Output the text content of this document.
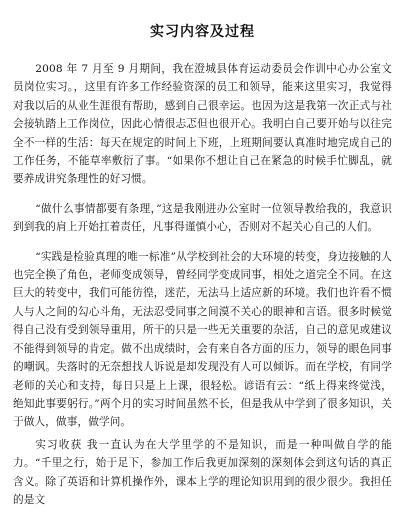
实习内容及过程

2008 年 7 月至 9 月期间，我在澄城县体育运动委员会作训中心办公室文员岗位实习。，这里有许多工作经验资深的员工和领导，能来这里实习，我觉得对我以后的从业生涯很有帮助，感到自己很幸运。也因为这是我第一次正式与社会接轨踏上工作岗位，因此心情很忐忑但也很开心。我明白自己要开始与以往完全不一样的生活：每天在规定的时间上下班，上班期间要认真准时地完成自己的工作任务，不能草率敷衍了事。“如果你不想让自己在紧急的时候手忙脚乱，就要养成讲究条理性的好习惯。

“做什么事情都要有条理，”这是我刚进办公室时一位领导教给我的，我意识到到我的肩上开始扛着责任，凡事得谨慎小心，否则对不起关心自己的人们。

“实践是检验真理的唯一标准”从学校到社会的大环境的转变，身边接触的人也完全换了角色，老师变成领导，曾经同学变成同事，相处之道完全不同。在这巨大的转变中，我们可能彷徨，迷茫，无法马上适应新的环境。我们也许看不惯人与人之间的勾心斗角，无法忍受同事之间漠不关心的眼神和言语。很多时候觉得自己没有受到领导重用，所干的只是一些无关重要的杂活，自己的意见或建议不能得到领导的肯定。做不出成绩时，会有来自各方面的压力，领导的眼色同事的嘲讽。失落时的无奈想找人诉说是却发现没有人可以倾诉。而在学校，有同学老师的关心和支持，每日只是上上课，很轻松。谚语有云：“纸上得来终觉浅，绝知此事要躬行。”两个月的实习时间虽然不长，但是我从中学到了很多知识，关于做人，做事，做学问。

实习收获 我一直认为在大学里学的不是知识，而是一种叫做自学的能力。“千里之行，始于足下，参加工作后我更加深刻的深刻体会到这句话的真正含义。除了英语和计算机操作外，课本上学的理论知识用到的很少很少。我担任的是文
